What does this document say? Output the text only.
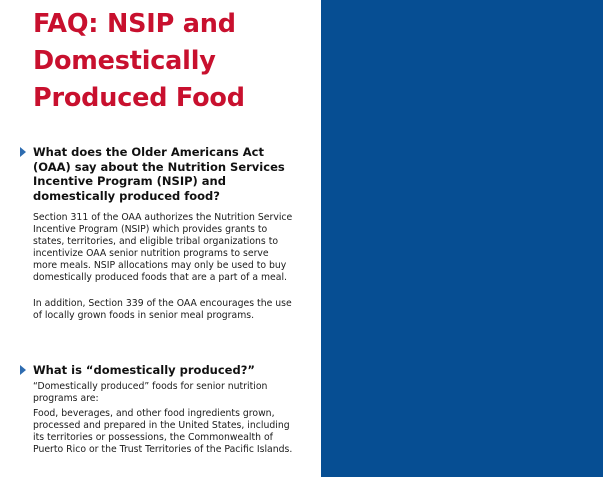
FAQ: NSIP and Domestically Produced Food

What does the Older Americans Act (OAA) say about the Nutrition Services Incentive Program (NSIP) and domestically produced food?

Section 311 of the OAA authorizes the Nutrition Service Incentive Program (NSIP) which provides grants to states, territories, and eligible tribal organizations to incentivize OAA senior nutrition programs to serve more meals. NSIP allocations may only be used to buy domestically produced foods that are a part of a meal.

In addition, Section 339 of the OAA encourages the use of locally grown foods in senior meal programs.

What is “domestically produced?”

“Domestically produced” foods for senior nutrition programs are:

Food, beverages, and other food ingredients grown, processed and prepared in the United States, including its territories or possessions, the Commonwealth of Puerto Rico or the Trust Territories of the Pacific Islands.
